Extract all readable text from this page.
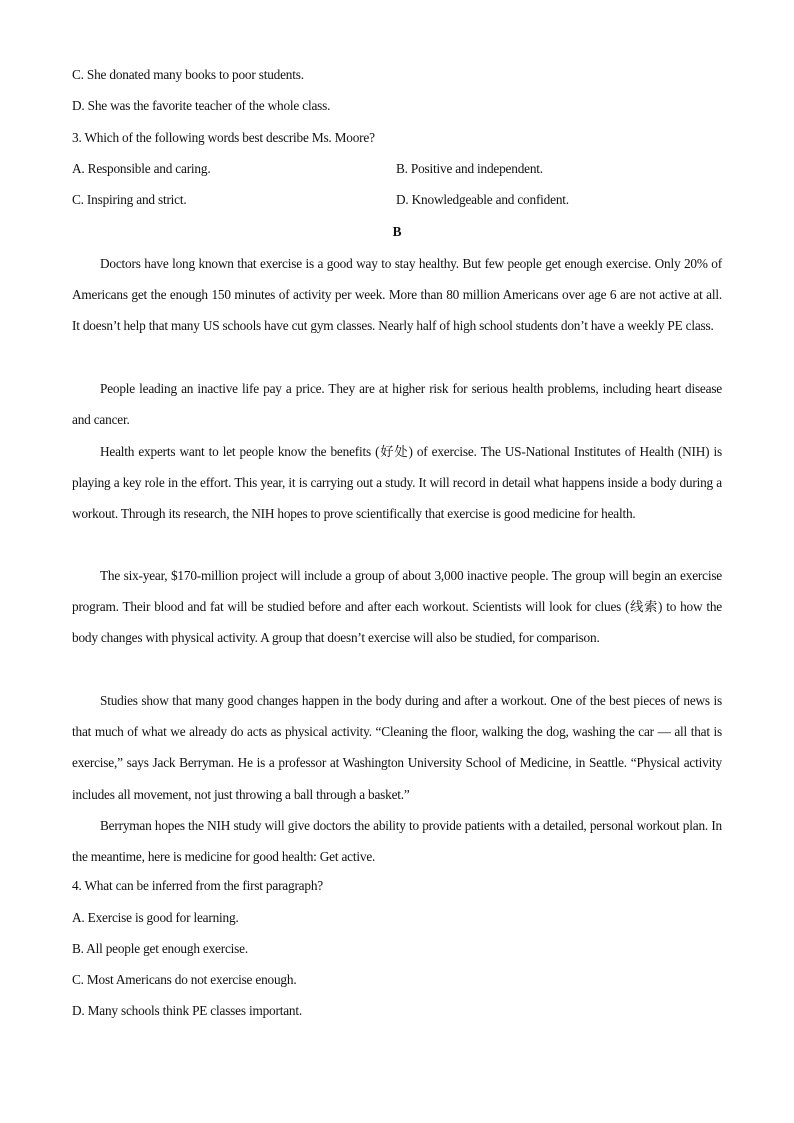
C. She donated many books to poor students.
D. She was the favorite teacher of the whole class.
3. Which of the following words best describe Ms. Moore?
A. Responsible and caring.	B. Positive and independent.
C. Inspiring and strict.	D. Knowledgeable and confident.
B
Doctors have long known that exercise is a good way to stay healthy. But few people get enough exercise. Only 20% of Americans get the enough 150 minutes of activity per week. More than 80 million Americans over age 6 are not active at all. It doesn’t help that many US schools have cut gym classes. Nearly half of high school students don’t have a weekly PE class.
People leading an inactive life pay a price. They are at higher risk for serious health problems, including heart disease and cancer.
Health experts want to let people know the benefits (好处) of exercise. The US-National Institutes of Health (NIH) is playing a key role in the effort. This year, it is carrying out a study. It will record in detail what happens inside a body during a workout. Through its research, the NIH hopes to prove scientifically that exercise is good medicine for health.
The six-year, $170-million project will include a group of about 3,000 inactive people. The group will begin an exercise program. Their blood and fat will be studied before and after each workout. Scientists will look for clues (线索) to how the body changes with physical activity. A group that doesn’t exercise will also be studied, for comparison.
Studies show that many good changes happen in the body during and after a workout. One of the best pieces of news is that much of what we already do acts as physical activity. “Cleaning the floor, walking the dog, washing the car — all that is exercise,” says Jack Berryman. He is a professor at Washington University School of Medicine, in Seattle. “Physical activity includes all movement, not just throwing a ball through a basket.”
Berryman hopes the NIH study will give doctors the ability to provide patients with a detailed, personal workout plan. In the meantime, here is medicine for good health: Get active.
4. What can be inferred from the first paragraph?
A. Exercise is good for learning.
B. All people get enough exercise.
C. Most Americans do not exercise enough.
D. Many schools think PE classes important.
